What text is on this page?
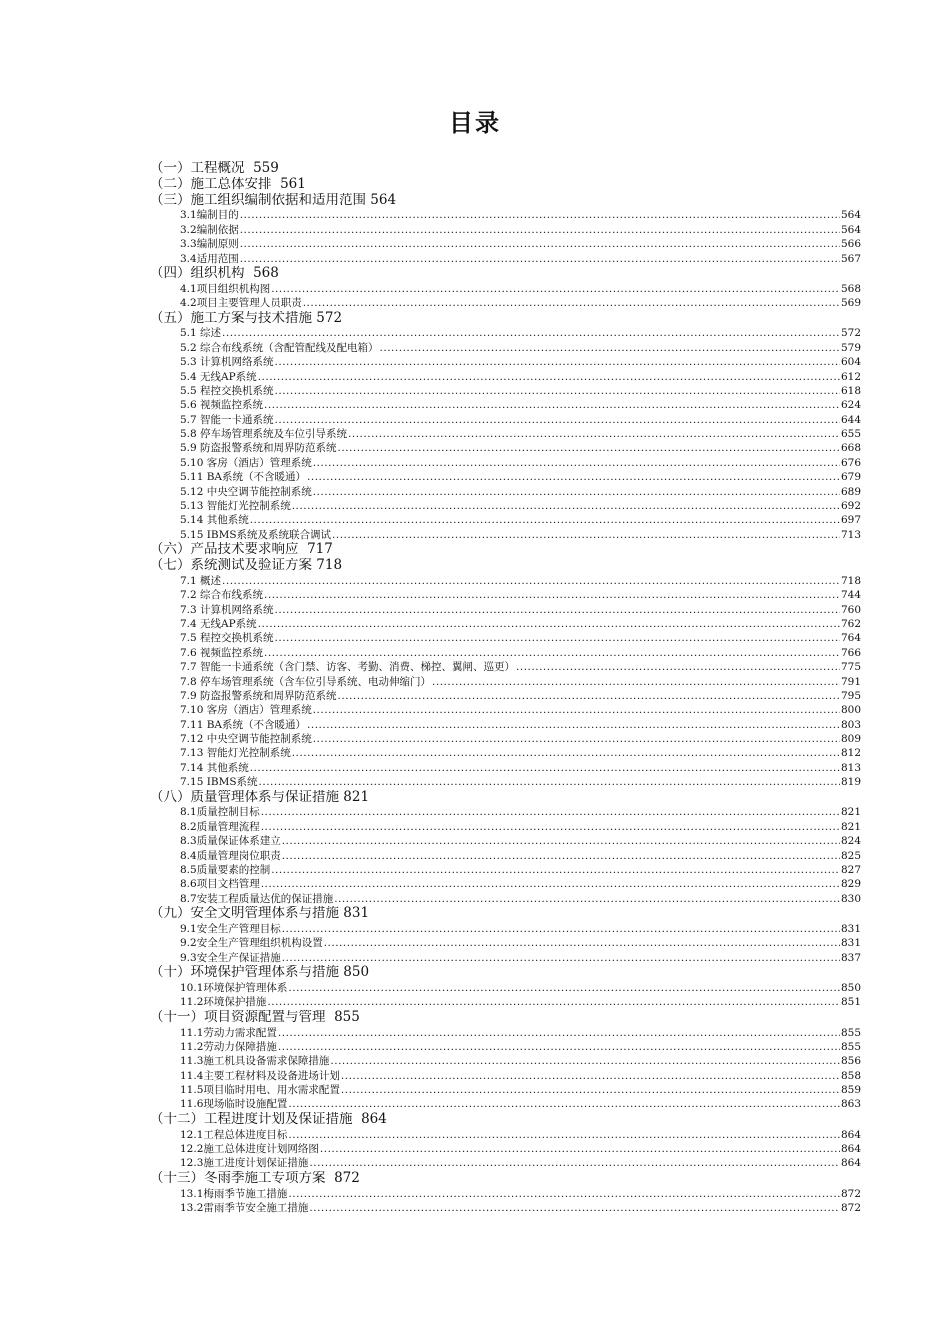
目录
（一）工程概况  559
（二）施工总体安排  561
（三）施工组织编制依据和适用范围 564
3.1编制目的 .....	564
3.2编制依据 .....	564
3.3编制原则 .....	566
3.4适用范围 .....	567
（四）组织机构  568
4.1项目组织机构图 .....	568
4.2项目主要管理人员职责 .....	569
（五）施工方案与技术措施 572
5.1 综述 .....	572
5.2 综合布线系统（含配管配线及配电箱） .....	579
5.3 计算机网络系统 .....	604
5.4 无线AP系统 .....	612
5.5 程控交换机系统 .....	618
5.6 视频监控系统 .....	624
5.7 智能一卡通系统 .....	644
5.8 停车场管理系统及车位引导系统 .....	655
5.9 防盗报警系统和周界防范系统 .....	668
5.10 客房（酒店）管理系统 .....	676
5.11 BA系统（不含暖通） .....	679
5.12 中央空调节能控制系统 .....	689
5.13 智能灯光控制系统 .....	692
5.14 其他系统 .....	697
5.15 IBMS系统及系统联合调试 .....	713
（六）产品技术要求响应  717
（七）系统测试及验证方案 718
7.1 概述 .....	718
7.2 综合布线系统 .....	744
7.3 计算机网络系统 .....	760
7.4 无线AP系统 .....	762
7.5 程控交换机系统 .....	764
7.6 视频监控系统 .....	766
7.7 智能一卡通系统（含门禁、访客、考勤、消费、梯控、翼闸、巡更） .....	775
7.8 停车场管理系统（含车位引导系统、电动伸缩门） .....	791
7.9 防盗报警系统和周界防范系统 .....	795
7.10 客房（酒店）管理系统 .....	800
7.11 BA系统（不含暖通） .....	803
7.12 中央空调节能控制系统 .....	809
7.13 智能灯光控制系统 .....	812
7.14 其他系统 .....	813
7.15 IBMS系统 .....	819
（八）质量管理体系与保证措施 821
8.1质量控制目标 .....	821
8.2质量管理流程 .....	821
8.3质量保证体系建立 .....	824
8.4质量管理岗位职责 .....	825
8.5质量要素的控制 .....	827
8.6项目文档管理 .....	829
8.7安装工程质量达优的保证措施 .....	830
（九）安全文明管理体系与措施 831
9.1安全生产管理目标 .....	831
9.2安全生产管理组织机构设置 .....	831
9.3安全生产保证措施 .....	837
（十）环境保护管理体系与措施 850
10.1环境保护管理体系 .....	850
11.2环境保护措施 .....	851
（十一）项目资源配置与管理  855
11.1劳动力需求配置 .....	855
11.2劳动力保障措施 .....	855
11.3施工机具设备需求保障措施 .....	856
11.4主要工程材料及设备进场计划 .....	858
11.5项目临时用电、用水需求配置 .....	859
11.6现场临时设施配置 .....	863
（十二）工程进度计划及保证措施  864
12.1工程总体进度目标 .....	864
12.2施工总体进度计划网络图 .....	864
12.3施工进度计划保证措施 .....	864
（十三）冬雨季施工专项方案  872
13.1梅雨季节施工措施 .....	872
13.2雷雨季节安全施工措施 .....	872
